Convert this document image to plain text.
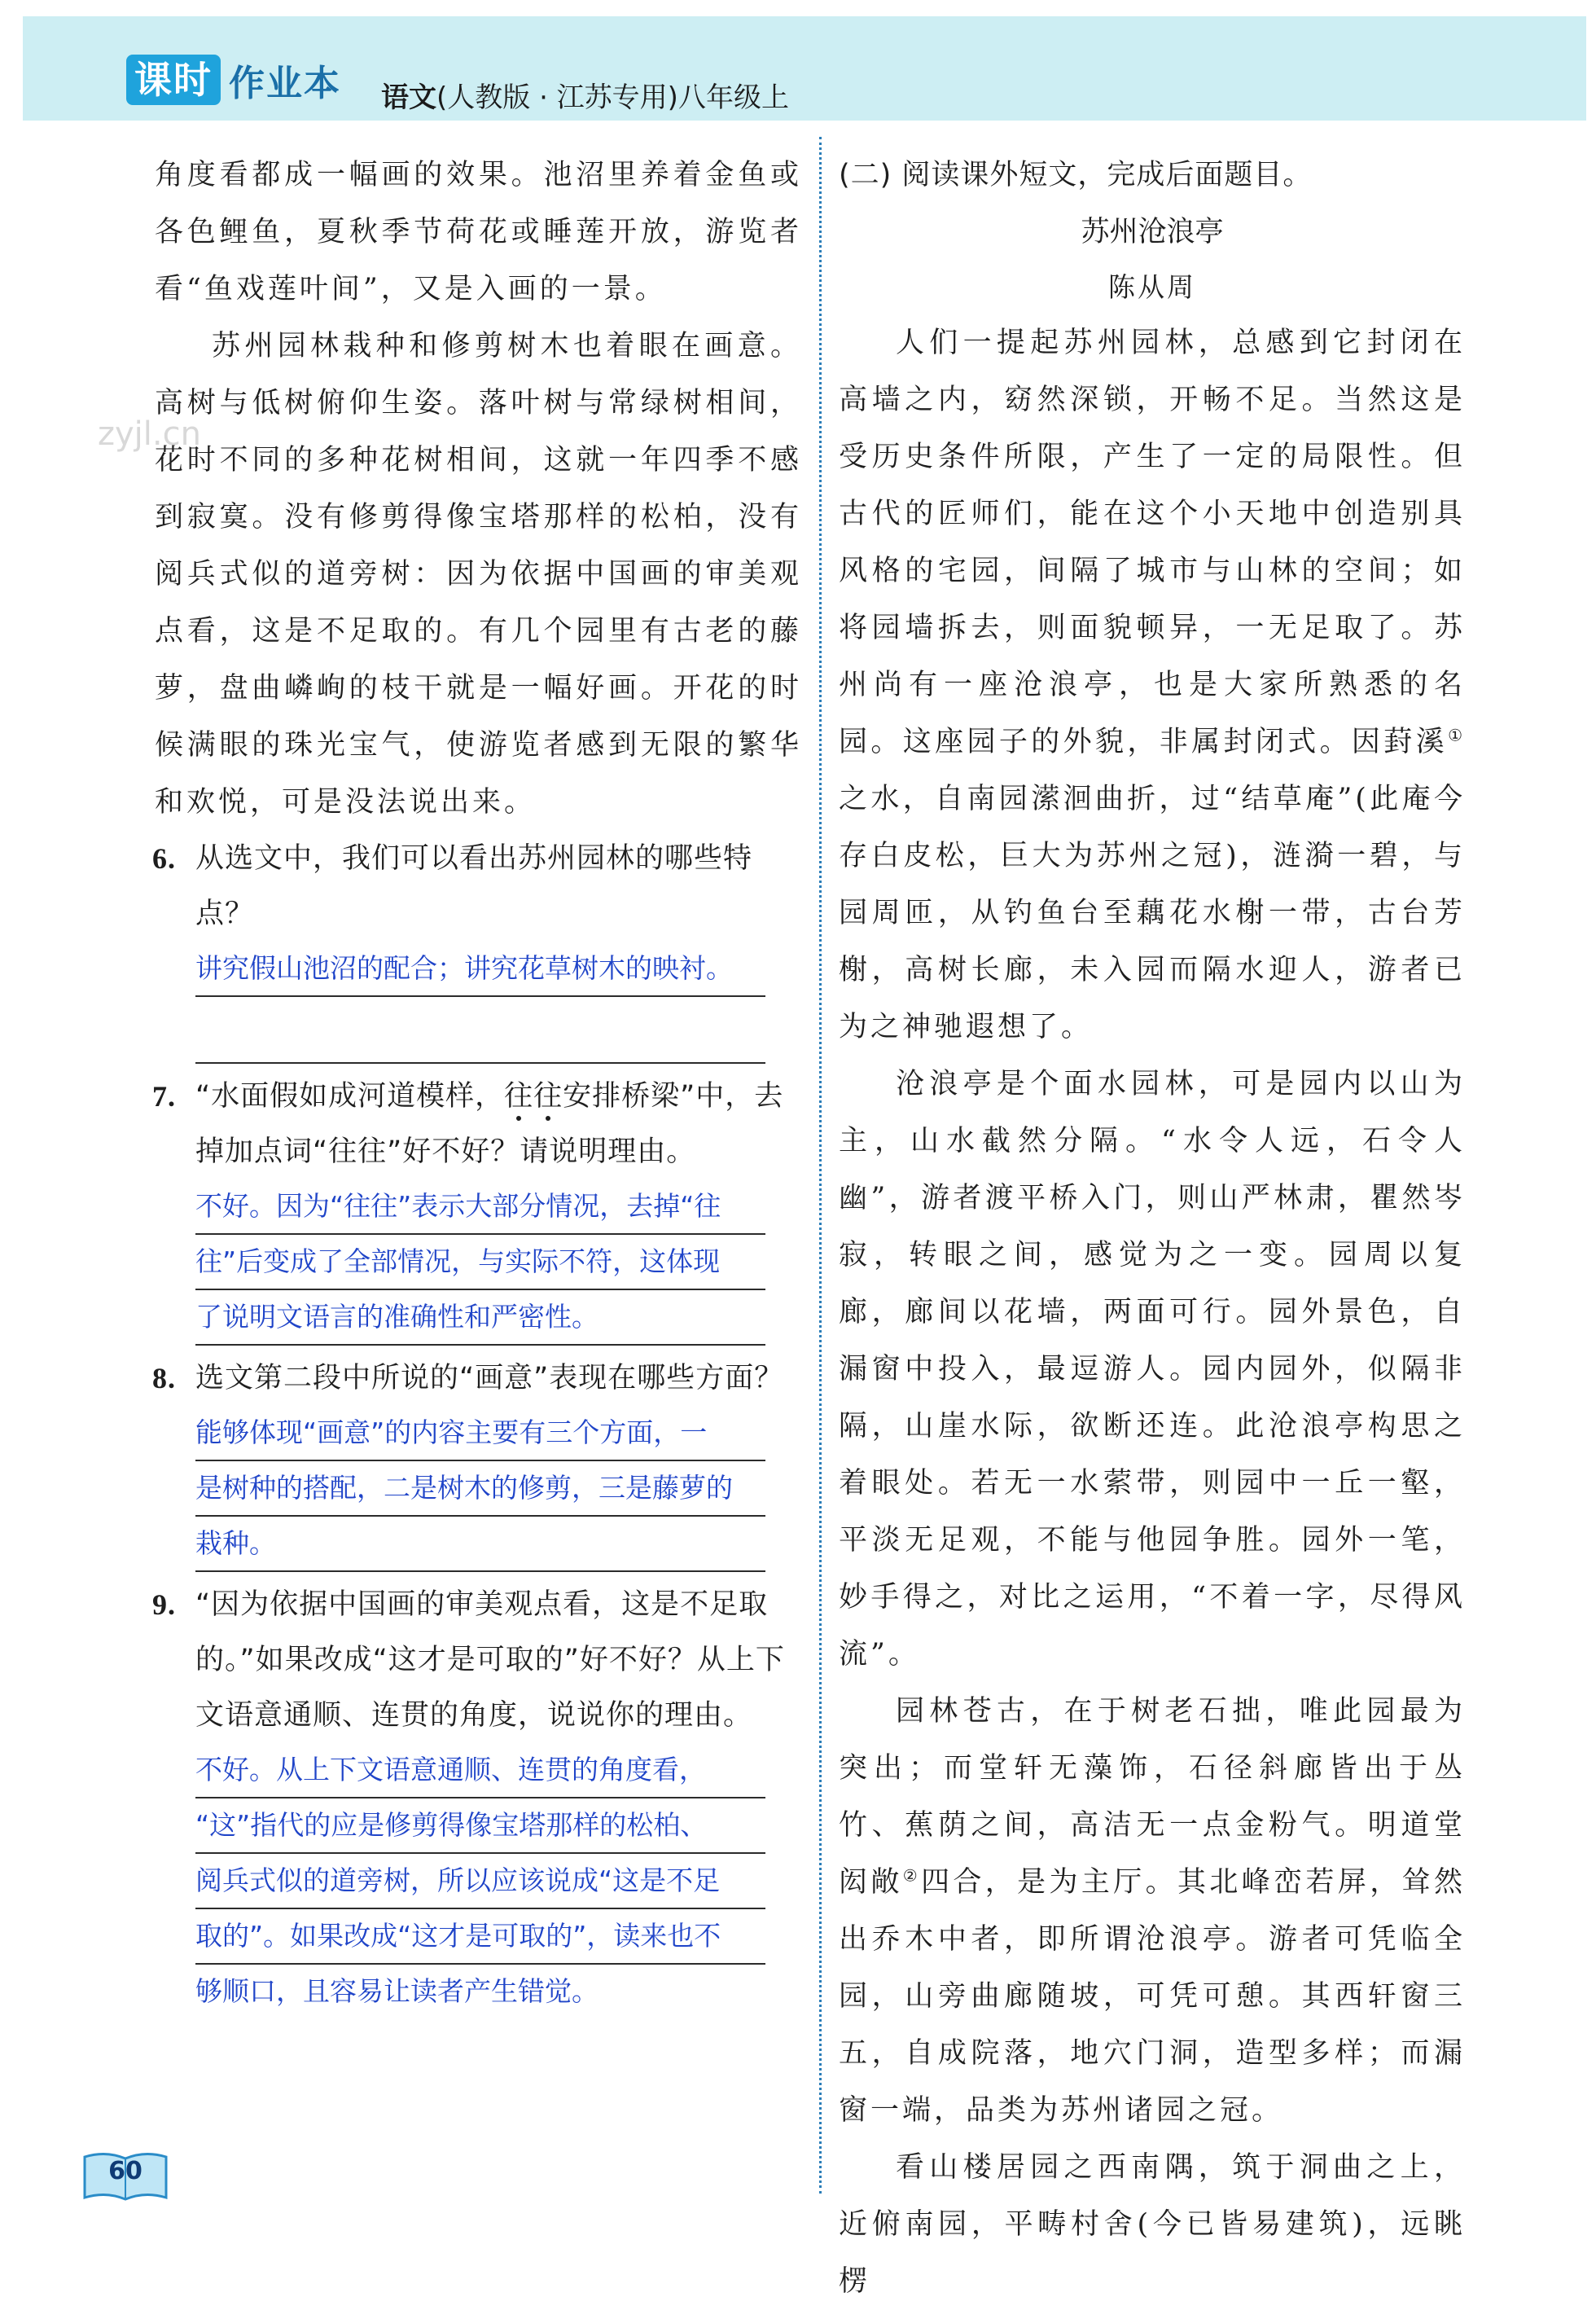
课时 作业本 语文(人教版 · 江苏专用)八年级上
zyjl.cn

角度看都成一幅画的效果。池沼里养着金鱼或各色鲤鱼，夏秋季节荷花或睡莲开放，游览者看“鱼戏莲叶间”，又是入画的一景。

苏州园林栽种和修剪树木也着眼在画意。高树与低树俯仰生姿。落叶树与常绿树相间，花时不同的多种花树相间，这就一年四季不感到寂寞。没有修剪得像宝塔那样的松柏，没有阅兵式似的道旁树：因为依据中国画的审美观点看，这是不足取的。有几个园里有古老的藤萝，盘曲嶙峋的枝干就是一幅好画。开花的时候满眼的珠光宝气，使游览者感到无限的繁华和欢悦，可是没法说出来。

6. 从选文中，我们可以看出苏州园林的哪些特点？
讲究假山池沼的配合；讲究花草树木的映衬。
7. “水面假如成河道模样，往往安排桥梁”中，去掉加点词“往往”好不好？请说明理由。
不好。因为“往往”表示大部分情况，去掉“往
往”后变成了全部情况，与实际不符，这体现
了说明文语言的准确性和严密性。
8. 选文第二段中所说的“画意”表现在哪些方面？
能够体现“画意”的内容主要有三个方面，一
是树种的搭配，二是树木的修剪，三是藤萝的
栽种。
9. “因为依据中国画的审美观点看，这是不足取的。”如果改成“这才是可取的”好不好？从上下文语意通顺、连贯的角度，说说你的理由。
不好。从上下文语意通顺、连贯的角度看，
“这”指代的应是修剪得像宝塔那样的松柏、
阅兵式似的道旁树，所以应该说成“这是不足
取的”。如果改成“这才是可取的”，读来也不
够顺口，且容易让读者产生错觉。
(二) 阅读课外短文，完成后面题目。
苏州沧浪亭
陈从周

人们一提起苏州园林，总感到它封闭在高墙之内，窈然深锁，开畅不足。当然这是受历史条件所限，产生了一定的局限性。但古代的匠师们，能在这个小天地中创造别具风格的宅园，间隔了城市与山林的空间；如将园墙拆去，则面貌顿异，一无足取了。苏州尚有一座沧浪亭，也是大家所熟悉的名园。这座园子的外貌，非属封闭式。因葑溪①之水，自南园潆洄曲折，过“结草庵”(此庵今存白皮松，巨大为苏州之冠)，涟漪一碧，与园周匝，从钓鱼台至藕花水榭一带，古台芳榭，高树长廊，未入园而隔水迎人，游者已为之神驰遐想了。

沧浪亭是个面水园林，可是园内以山为主，山水截然分隔。“水令人远，石令人幽”，游者渡平桥入门，则山严林肃，瞿然岑寂，转眼之间，感觉为之一变。园周以复廊，廊间以花墙，两面可行。园外景色，自漏窗中投入，最逗游人。园内园外，似隔非隔，山崖水际，欲断还连。此沧浪亭构思之着眼处。若无一水萦带，则园中一丘一壑，平淡无足观，不能与他园争胜。园外一笔，妙手得之，对比之运用，“不着一字，尽得风流”。

园林苍古，在于树老石拙，唯此园最为突出；而堂轩无藻饰，石径斜廊皆出于丛竹、蕉荫之间，高洁无一点金粉气。明道堂闳敞②四合，是为主厅。其北峰峦若屏，耸然出乔木中者，即所谓沧浪亭。游者可凭临全园，山旁曲廊随坡，可凭可憩。其西轩窗三五，自成院落，地穴门洞，造型多样；而漏窗一端，品类为苏州诸园之冠。

看山楼居园之西南隅，筑于洞曲之上，近俯南园，平畴村舍(今已皆易建筑)，远眺楞

60
